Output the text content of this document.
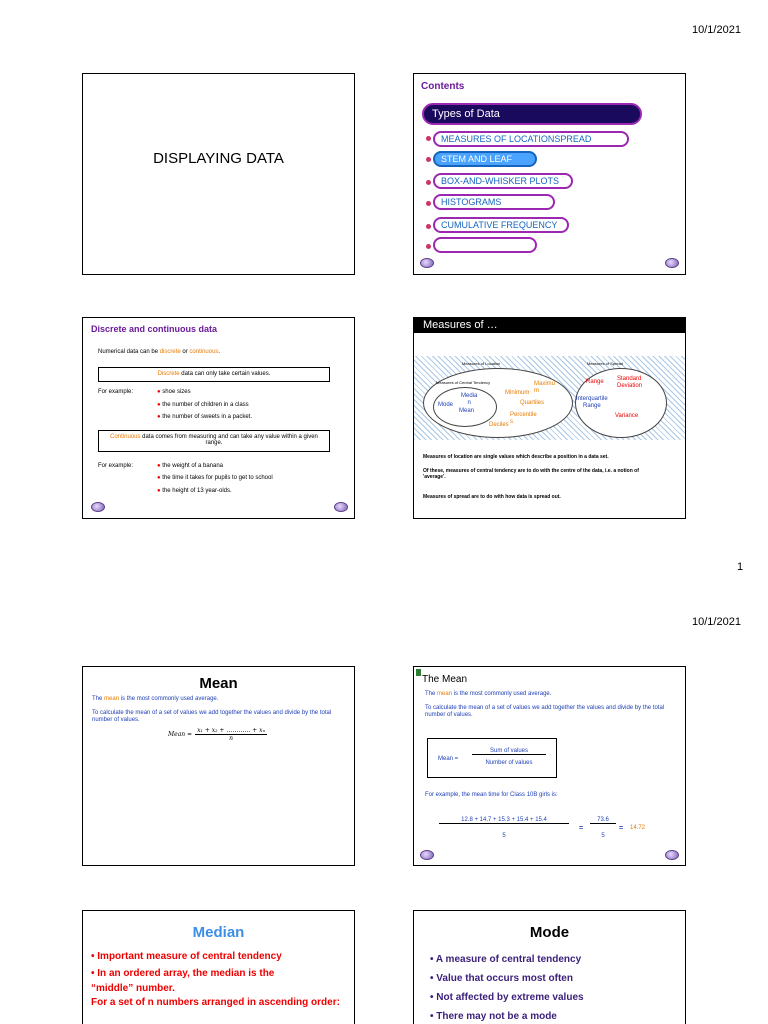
10/1/2021
DISPLAYING DATA
Contents
Types of Data
MEASURES OF LOCATIONSPREAD
STEM AND LEAF
BOX-AND-WHISKER PLOTS
HISTOGRAMS
CUMULATIVE FREQUENCY
Discrete and continuous data
Numerical data can be discrete or continuous.
Discrete data can only take certain values.
For example:	● shoe sizes
● the number of children in a class
● the number of sweets in a packet.
Continuous data comes from measuring and can take any value within a given range.
For example:	● the weight of a banana
● the time it takes for pupils to get to school
● the height of 13 year-olds.
Measures of …
Measures of Location	Measures of Spread
Measures of Central Tendency
Mode
Media
n
Mean
Maximu
m
Minimum
Quartiles
Percentile
s
Deciles
Range Standard
Deviation
Interquartile
Range
Variance
Measures of location are single values which describe a position in a data set.
Of these, measures of central tendency are to do with the centre of the data, i.e. a notion of 'average'.
Measures of spread are to do with how data is spread out.
1
10/1/2021
Mean
The mean is the most commonly used average.
To calculate the mean of a set of values we add together the values and divide by the total number of values.
Mean = $\frac{\text{x₁ + x₂ + ………… + xₙ}}{n}$
The Mean
The mean is the most commonly used average.
To calculate the mean of a set of values we add together the values and divide by the total number of values.
Mean =
Sum of values
Number of values
For example, the mean time for Class 10B girls is:
12.8 + 14.7 + 15.3 + 15.4 + 15.4
5
=
73.6
5
= 14.72
Median
• Important measure of central tendency
• In an ordered array, the median is the “middle” number.
For a set of n numbers arranged in ascending order:
Mode
• A measure of central tendency
• Value that occurs most often
• Not affected by extreme values
• There may not be a mode
